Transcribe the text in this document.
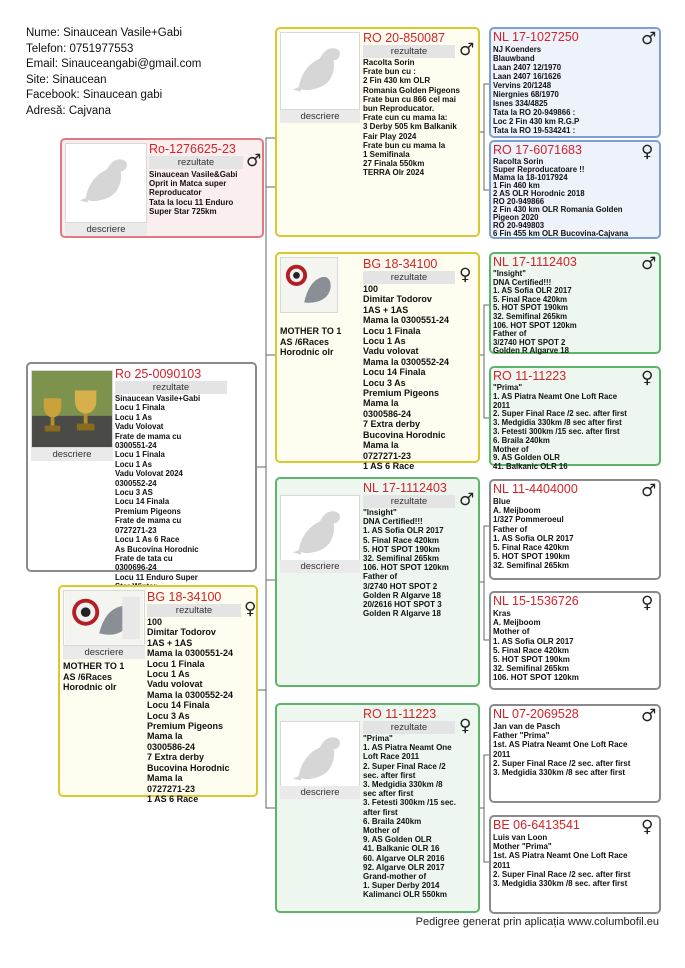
Nume: Sinaucean Vasile+Gabi
Telefon: 0751977553
Email: Sinauceangabi@gmail.com
Site: Sinaucean
Facebook: Sinaucean gabi
Adresă: Cajvana
descriere
Ro 25-0090103
rezultate
Sinaucean Vasile+Gabi
Locu 1 Finala
Locu 1 As
Vadu Volovat
Frate de mama cu
0300551-24
Locu 1 Finala
Locu 1 As
Vadu Volovat 2024
0300552-24
Locu 3 AS
Locu 14 Finala
Premium Pigeons
Frate de mama cu
0727271-23
Locu 1 As 6 Race
As Bucovina Horodnic
Frate de tata cu
0300696-24
Locu 11 Enduro Super

descriere
Ro-1276625-23
rezultate	♂
Sinaucean Vasile&Gabi
Oprit in Matca super
Reproducator
Tata la locu 11 Enduro
Super Star 725km
descriere
MOTHER TO 1
AS /6Races
Horodnic olr
BG 18-34100
rezultate	♀
100
Dimitar Todorov
1AS + 1AS
Mama la 0300551-24
Locu 1 Finala
Locu 1 As
Vadu volovat
Mama la 0300552-24
Locu 14 Finala
Locu 3 As
Premium Pigeons
Mama la
0300586-24
7 Extra derby
Bucovina Horodnic
Mama la
0727271-23
1 AS 6 Race
descriere
RO 20-850087
rezultate	♂
Racolta Sorin
Frate bun cu :
2 Fin 430 km OLR
Romania Golden Pigeons
Frate bun cu 866 cel mai
bun Reproducator.
Frate cun cu mama la:
3 Derby 505 km Balkanik
Fair Play 2024
Frate bun cu mama la
1 Semifinala
27 Finala 550km
TERRA Olr 2024
MOTHER TO 1
AS /6Races
Horodnic olr
BG 18-34100
rezultate	♀
100
Dimitar Todorov
1AS + 1AS
Mama la 0300551-24
Locu 1 Finala
Locu 1 As
Vadu volovat
Mama la 0300552-24
Locu 14 Finala
Locu 3 As
Premium Pigeons
Mama la
0300586-24
7 Extra derby
Bucovina Horodnic
Mama la
0727271-23
1 AS 6 Race
descriere
NL 17-1112403
rezultate	♂
"Insight"
DNA Certified!!!
1. AS Sofia OLR 2017
5. Final Race 420km
5. HOT SPOT 190km
32. Semifinal 265km
106. HOT SPOT 120km
Father of
3/2740 HOT SPOT 2
Golden R Algarve 18
20/2616 HOT SPOT 3
Golden R Algarve 18
descriere
RO 11-11223
rezultate	♀
"Prima"
1. AS Piatra Neamt One
Loft Race 2011
2. Super Final Race /2
sec. after first
3. Medgidia 330km /8
sec after first
3. Fetesti 300km /15 sec.
after first
6. Braila 240km
Mother of
9. AS Golden OLR
41. Balkanic OLR 16
60. Algarve OLR 2016
92. Algarve OLR 2017
Grand-mother of
1. Super Derby 2014
Kalimanci OLR 550km
NL 17-1027250	♂
NJ Koenders
Blauwband
Laan 2407 12/1970
Laan 2407 16/1626
Vervins 20/1248
Niergnies 68/1970
Isnes 334/4825
Tata la RO 20-949866 :
Loc 2 Fin 430 km R.G.P
Tata la RO 19-534241 :
RO 17-6071683	♀
Racolta Sorin
Super Reproducatoare !!
Mama la 18-1017924
1 Fin 460 km
2 AS OLR Horodnic 2018
RO 20-949866
2 Fin 430 km OLR Romania Golden
Pigeon 2020
RO 20-949803
6 Fin 455 km OLR Bucovina-Cajvana
NL 17-1112403	♂
"Insight"
DNA Certified!!!
1. AS Sofia OLR 2017
5. Final Race 420km
5. HOT SPOT 190km
32. Semifinal 265km
106. HOT SPOT 120km
Father of
3/2740 HOT SPOT 2
Golden R Algarve 18
RO 11-11223	♀
"Prima"
1. AS Piatra Neamt One Loft Race
2011
2. Super Final Race /2 sec. after first
3. Medgidia 330km /8 sec after first
3. Fetesti 300km /15 sec. after first
6. Braila 240km
Mother of
9. AS Golden OLR
41. Balkanic OLR 16
NL 11-4404000	♂
Blue
A. Meijboom
1/327 Pommeroeul
Father of
1. AS Sofia OLR 2017
5. Final Race 420km
5. HOT SPOT 190km
32. Semifinal 265km
NL 15-1536726	♀
Kras
A. Meijboom
Mother of
1. AS Sofia OLR 2017
5. Final Race 420km
5. HOT SPOT 190km
32. Semifinal 265km
106. HOT SPOT 120km
NL 07-2069528	♂
Jan van de Pasch
Father "Prima"
1st. AS Piatra Neamt One Loft Race
2011
2. Super Final Race /2 sec. after first
3. Medgidia 330km /8 sec after first
BE 06-6413541	♀
Luis van Loon
Mother "Prima"
1st. AS Piatra Neamt One Loft Race
2011
2. Super Final Race /2 sec. after first
3. Medgidia 330km /8 sec. after first
Pedigree generat prin aplicația www.columbofil.eu
